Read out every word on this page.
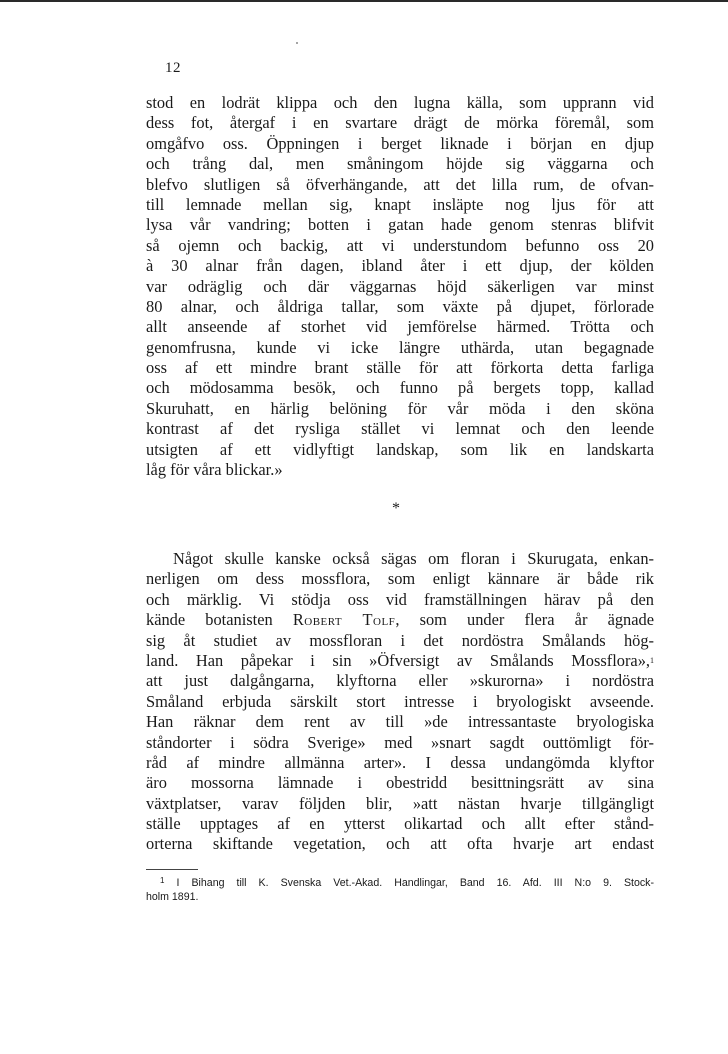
12
stod en lodrät klippa och den lugna källa, som upprann vid
dess fot, återgaf i en svartare drägt de mörka föremål, som
omgåfvo oss. Öppningen i berget liknade i början en djup
och trång dal, men småningom höjde sig väggarna och
blefvo slutligen så öfverhängande, att det lilla rum, de ofvan-
till lemnade mellan sig, knapt insläpte nog ljus för att
lysa vår vandring; botten i gatan hade genom stenras blifvit
så ojemn och backig, att vi understundom befunno oss 20
à 30 alnar från dagen, ibland åter i ett djup, der kölden
var odräglig och där väggarnas höjd säkerligen var minst
80 alnar, och åldriga tallar, som växte på djupet, förlorade
allt anseende af storhet vid jemförelse härmed. Trötta och
genomfrusna, kunde vi icke längre uthärda, utan begagnade
oss af ett mindre brant ställe för att förkorta detta farliga
och mödosamma besök, och funno på bergets topp, kallad
Skuruhatt, en härlig belöning för vår möda i den sköna
kontrast af det rysliga stället vi lemnat och den leende
utsigten af ett vidlyftigt landskap, som lik en landskarta
låg för våra blickar.»
*
Något skulle kanske också sägas om floran i Skurugata, enkan-
nerligen om dess mossflora, som enligt kännare är både rik
och märklig. Vi stödja oss vid framställningen härav på den
kände botanisten Robert Tolf, som under flera år ägnade
sig åt studiet av mossfloran i det nordöstra Smålands hög-
land. Han påpekar i sin »Öfversigt av Smålands Mossflora»,$^1$
att just dalgångarna, klyftorna eller »skurorna» i nordöstra
Småland erbjuda särskilt stort intresse i bryologiskt avseende.
Han räknar dem rent av till »de intressantaste bryologiska
ståndorter i södra Sverige» med »snart sagdt outtömligt för-
råd af mindre allmänna arter». I dessa undangömda klyftor
äro mossorna lämnade i obestridd besittningsrätt av sina
växtplatser, varav följden blir, »att nästan hvarje tillgängligt
ställe upptages af en ytterst olikartad och allt efter stånd-
orterna skiftande vegetation, och att ofta hvarje art endast
$^1$ I Bihang till K. Svenska Vet.-Akad. Handlingar, Band 16. Afd. III N:o 9. Stock-
holm 1891.
